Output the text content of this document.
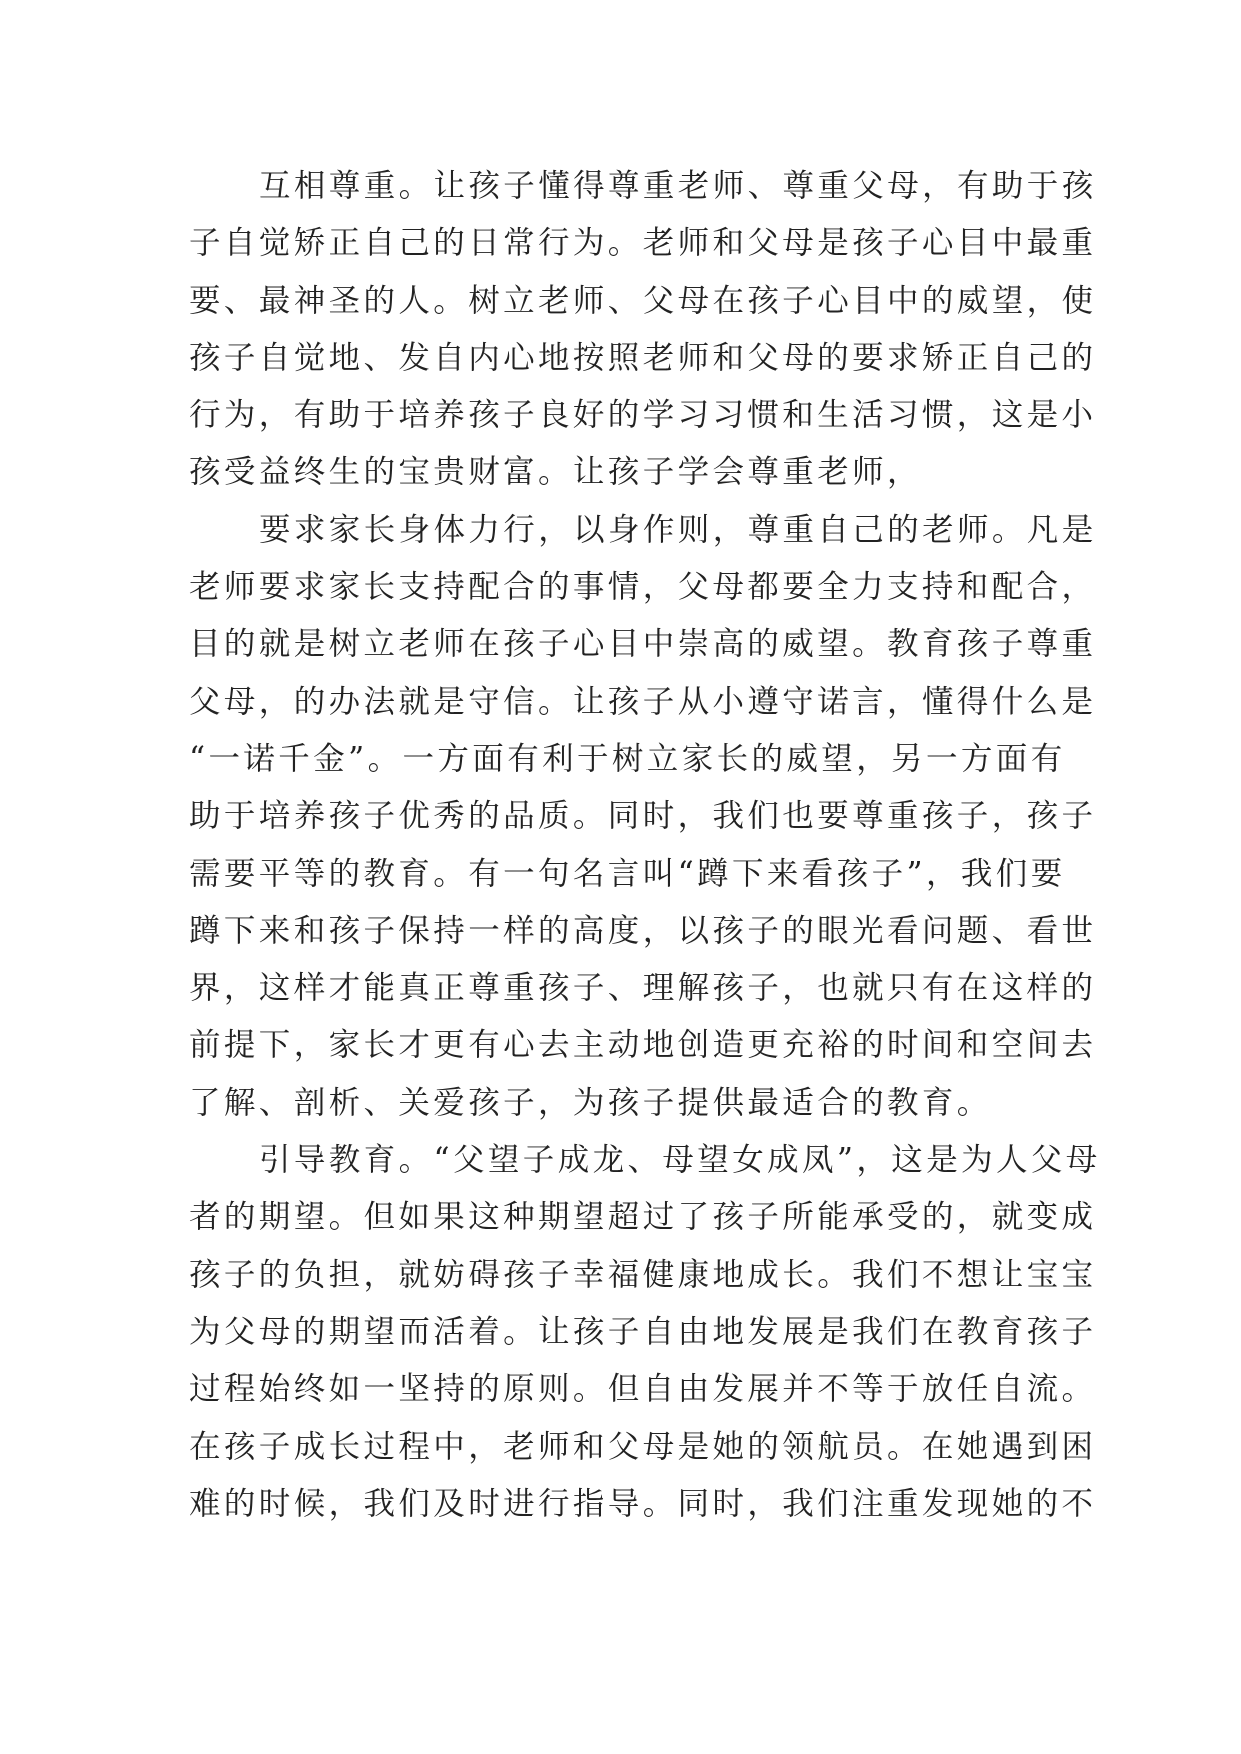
互相尊重。让孩子懂得尊重老师、尊重父母，有助于孩
子自觉矫正自己的日常行为。老师和父母是孩子心目中最重
要、最神圣的人。树立老师、父母在孩子心目中的威望，使
孩子自觉地、发自内心地按照老师和父母的要求矫正自己的
行为，有助于培养孩子良好的学习习惯和生活习惯，这是小
孩受益终生的宝贵财富。让孩子学会尊重老师，
要求家长身体力行，以身作则，尊重自己的老师。凡是
老师要求家长支持配合的事情，父母都要全力支持和配合，
目的就是树立老师在孩子心目中崇高的威望。教育孩子尊重
父母，的办法就是守信。让孩子从小遵守诺言，懂得什么是
“一诺千金”。一方面有利于树立家长的威望，另一方面有
助于培养孩子优秀的品质。同时，我们也要尊重孩子，孩子
需要平等的教育。有一句名言叫“蹲下来看孩子”，我们要
蹲下来和孩子保持一样的高度，以孩子的眼光看问题、看世
界，这样才能真正尊重孩子、理解孩子，也就只有在这样的
前提下，家长才更有心去主动地创造更充裕的时间和空间去
了解、剖析、关爱孩子，为孩子提供最适合的教育。
引导教育。“父望子成龙、母望女成凤”，这是为人父母
者的期望。但如果这种期望超过了孩子所能承受的，就变成
孩子的负担，就妨碍孩子幸福健康地成长。我们不想让宝宝
为父母的期望而活着。让孩子自由地发展是我们在教育孩子
过程始终如一坚持的原则。但自由发展并不等于放任自流。
在孩子成长过程中，老师和父母是她的领航员。在她遇到困
难的时候，我们及时进行指导。同时，我们注重发现她的不
